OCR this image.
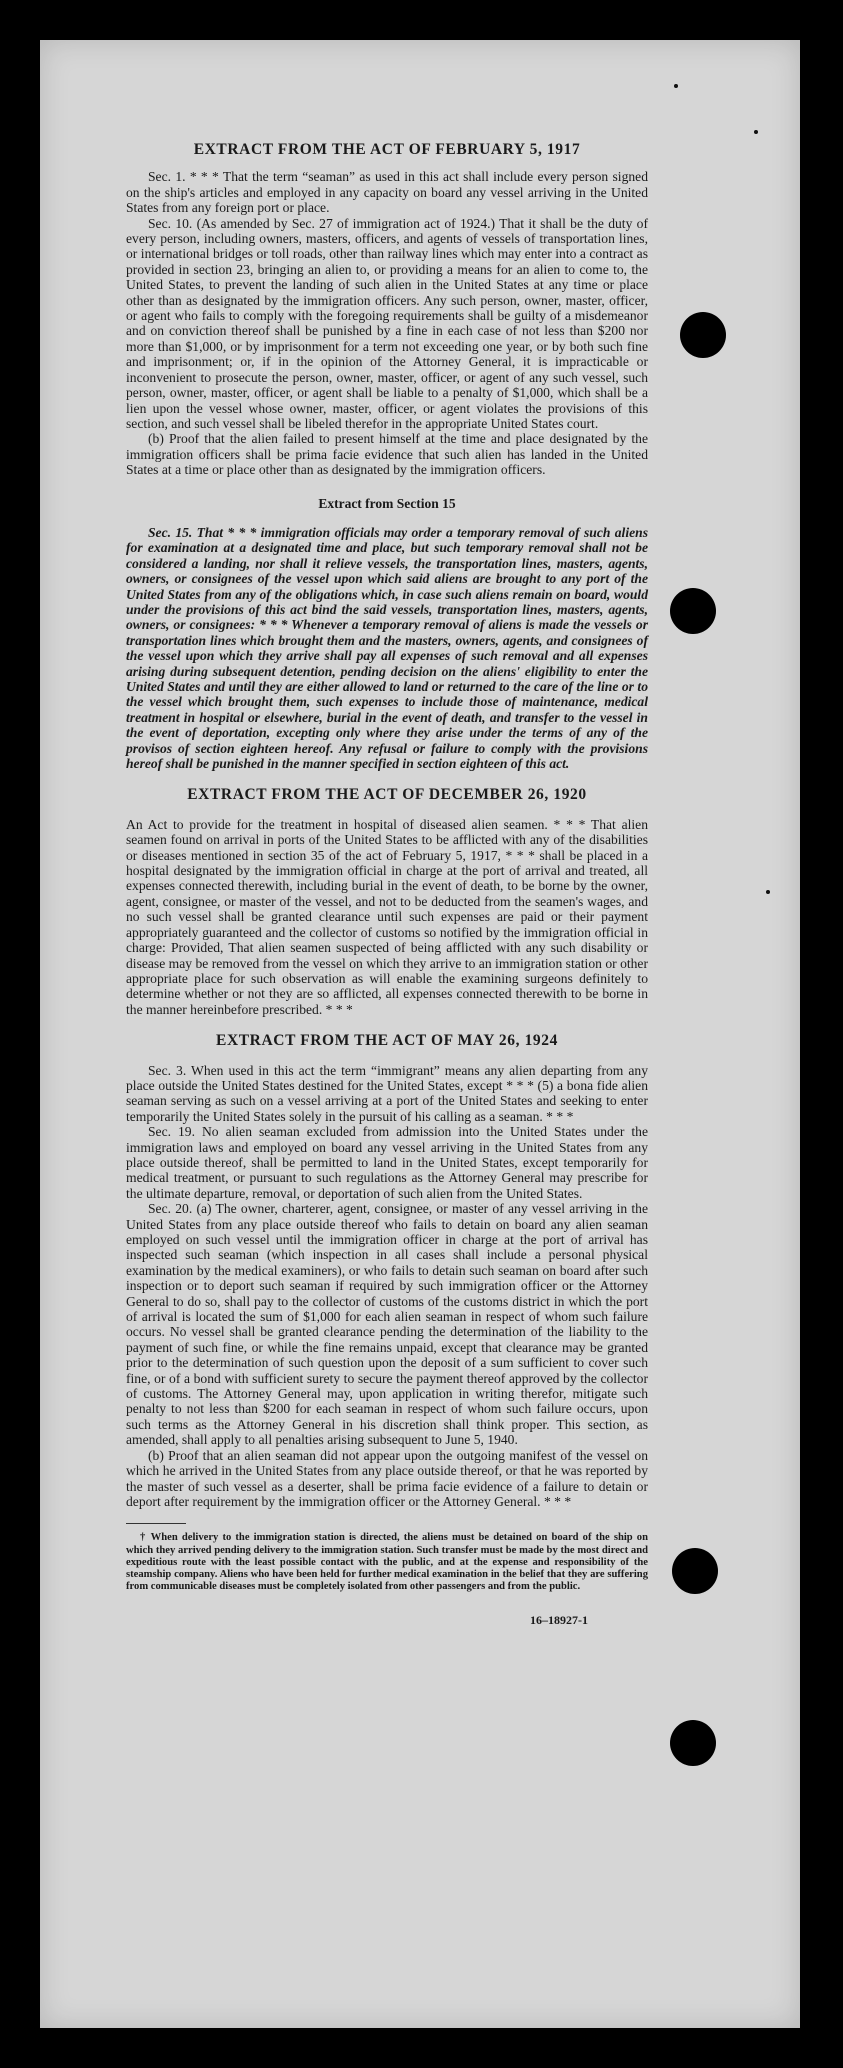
EXTRACT FROM THE ACT OF FEBRUARY 5, 1917

Sec. 1. * * * That the term “seaman” as used in this act shall include every person signed on the ship's articles and employed in any capacity on board any vessel arriving in the United States from any foreign port or place.

Sec. 10. (As amended by Sec. 27 of immigration act of 1924.) That it shall be the duty of every person, including owners, masters, officers, and agents of vessels of transportation lines, or international bridges or toll roads, other than railway lines which may enter into a contract as provided in section 23, bringing an alien to, or providing a means for an alien to come to, the United States, to prevent the landing of such alien in the United States at any time or place other than as designated by the immigration officers. Any such person, owner, master, officer, or agent who fails to comply with the foregoing requirements shall be guilty of a misdemeanor and on conviction thereof shall be punished by a fine in each case of not less than $200 nor more than $1,000, or by imprisonment for a term not exceeding one year, or by both such fine and imprisonment; or, if in the opinion of the Attorney General, it is impracticable or inconvenient to prosecute the person, owner, master, officer, or agent of any such vessel, such person, owner, master, officer, or agent shall be liable to a penalty of $1,000, which shall be a lien upon the vessel whose owner, master, officer, or agent violates the provisions of this section, and such vessel shall be libeled therefor in the appropriate United States court.

(b) Proof that the alien failed to present himself at the time and place designated by the immigration officers shall be prima facie evidence that such alien has landed in the United States at a time or place other than as designated by the immigration officers.

Extract from Section 15

Sec. 15. That * * * immigration officials may order a temporary removal of such aliens for examination at a designated time and place, but such temporary removal shall not be considered a landing, nor shall it relieve vessels, the transportation lines, masters, agents, owners, or consignees of the vessel upon which said aliens are brought to any port of the United States from any of the obligations which, in case such aliens remain on board, would under the provisions of this act bind the said vessels, transportation lines, masters, agents, owners, or consignees: * * * Whenever a temporary removal of aliens is made the vessels or transportation lines which brought them and the masters, owners, agents, and consignees of the vessel upon which they arrive shall pay all expenses of such removal and all expenses arising during subsequent detention, pending decision on the aliens' eligibility to enter the United States and until they are either allowed to land or returned to the care of the line or to the vessel which brought them, such expenses to include those of maintenance, medical treatment in hospital or elsewhere, burial in the event of death, and transfer to the vessel in the event of deportation, excepting only where they arise under the terms of any of the provisos of section eighteen hereof. Any refusal or failure to comply with the provisions hereof shall be punished in the manner specified in section eighteen of this act.

EXTRACT FROM THE ACT OF DECEMBER 26, 1920

An Act to provide for the treatment in hospital of diseased alien seamen. * * * That alien seamen found on arrival in ports of the United States to be afflicted with any of the disabilities or diseases mentioned in section 35 of the act of February 5, 1917, * * * shall be placed in a hospital designated by the immigration official in charge at the port of arrival and treated, all expenses connected therewith, including burial in the event of death, to be borne by the owner, agent, consignee, or master of the vessel, and not to be deducted from the seamen's wages, and no such vessel shall be granted clearance until such expenses are paid or their payment appropriately guaranteed and the collector of customs so notified by the immigration official in charge: Provided, That alien seamen suspected of being afflicted with any such disability or disease may be removed from the vessel on which they arrive to an immigration station or other appropriate place for such observation as will enable the examining surgeons definitely to determine whether or not they are so afflicted, all expenses connected therewith to be borne in the manner hereinbefore prescribed. * * *

EXTRACT FROM THE ACT OF MAY 26, 1924

Sec. 3. When used in this act the term “immigrant” means any alien departing from any place outside the United States destined for the United States, except * * * (5) a bona fide alien seaman serving as such on a vessel arriving at a port of the United States and seeking to enter temporarily the United States solely in the pursuit of his calling as a seaman. * * *

Sec. 19. No alien seaman excluded from admission into the United States under the immigration laws and employed on board any vessel arriving in the United States from any place outside thereof, shall be permitted to land in the United States, except temporarily for medical treatment, or pursuant to such regulations as the Attorney General may prescribe for the ultimate departure, removal, or deportation of such alien from the United States.

Sec. 20. (a) The owner, charterer, agent, consignee, or master of any vessel arriving in the United States from any place outside thereof who fails to detain on board any alien seaman employed on such vessel until the immigration officer in charge at the port of arrival has inspected such seaman (which inspection in all cases shall include a personal physical examination by the medical examiners), or who fails to detain such seaman on board after such inspection or to deport such seaman if required by such immigration officer or the Attorney General to do so, shall pay to the collector of customs of the customs district in which the port of arrival is located the sum of $1,000 for each alien seaman in respect of whom such failure occurs. No vessel shall be granted clearance pending the determination of the liability to the payment of such fine, or while the fine remains unpaid, except that clearance may be granted prior to the determination of such question upon the deposit of a sum sufficient to cover such fine, or of a bond with sufficient surety to secure the payment thereof approved by the collector of customs. The Attorney General may, upon application in writing therefor, mitigate such penalty to not less than $200 for each seaman in respect of whom such failure occurs, upon such terms as the Attorney General in his discretion shall think proper. This section, as amended, shall apply to all penalties arising subsequent to June 5, 1940.

(b) Proof that an alien seaman did not appear upon the outgoing manifest of the vessel on which he arrived in the United States from any place outside thereof, or that he was reported by the master of such vessel as a deserter, shall be prima facie evidence of a failure to detain or deport after requirement by the immigration officer or the Attorney General. * * *

† When delivery to the immigration station is directed, the aliens must be detained on board of the ship on which they arrived pending delivery to the immigration station. Such transfer must be made by the most direct and expeditious route with the least possible contact with the public, and at the expense and responsibility of the steamship company. Aliens who have been held for further medical examination in the belief that they are suffering from communicable diseases must be completely isolated from other passengers and from the public.
16–18927-1
